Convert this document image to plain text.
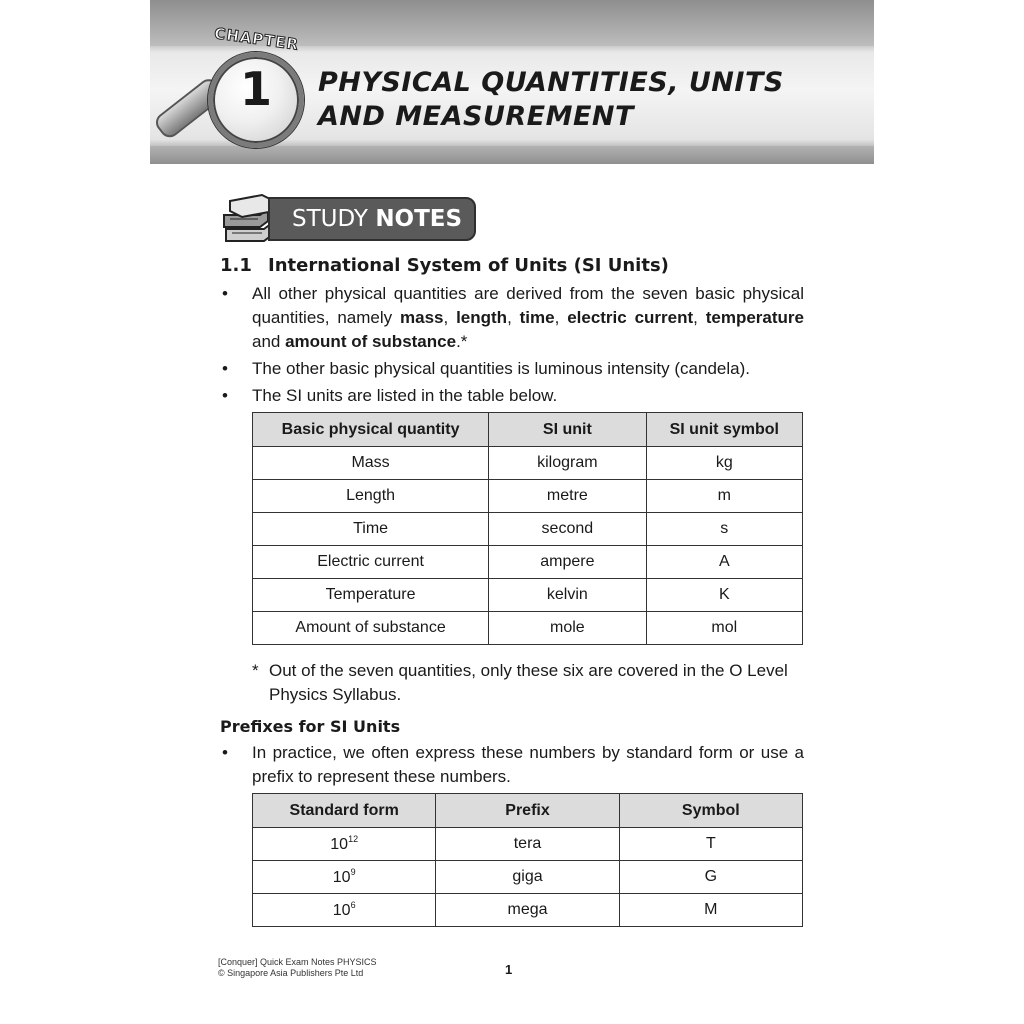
CHAPTER
1	PHYSICAL QUANTITIES, UNITS
AND MEASUREMENT
STUDY NOTES
1.1 International System of Units (SI Units)
•	All other physical quantities are derived from the seven basic physical quantities, namely mass, length, time, electric current, temperature and amount of substance.*
•	The other basic physical quantities is luminous intensity (candela).
•	The SI units are listed in the table below.
Basic physical quantity	SI unit	SI unit symbol
Mass	kilogram	kg
Length	metre	m
Time	second	s
Electric current	ampere	A
Temperature	kelvin	K
Amount of substance	mole	mol
* Out of the seven quantities, only these six are covered in the O Level Physics Syllabus.
Prefixes for SI Units
•	In practice, we often express these numbers by standard form or use a prefix to represent these numbers.
Standard form	Prefix	Symbol
$10^{12}$	tera	T
$10^9$	giga	G
$10^6$	mega	M
[Conquer] Quick Exam Notes PHYSICS
© Singapore Asia Publishers Pte Ltd	1
